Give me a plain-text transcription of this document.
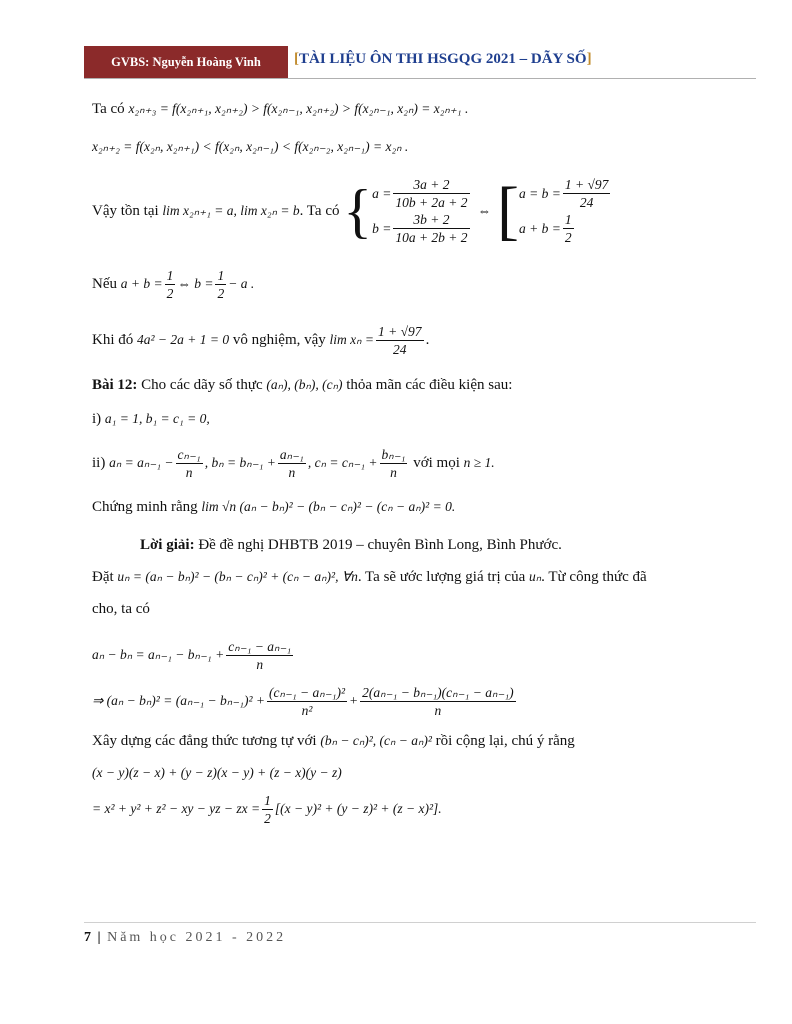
GVBS: Nguyễn Hoàng Vinh	[TÀI LIỆU ÔN THI HSGQG 2021 – DÃY SỐ]
Ta có x₂ₙ₊₃ = f(x₂ₙ₊₁, x₂ₙ₊₂) > f(x₂ₙ₋₁, x₂ₙ₊₂) > f(x₂ₙ₋₁, x₂ₙ) = x₂ₙ₊₁ .
x₂ₙ₊₂ = f(x₂ₙ, x₂ₙ₊₁) < f(x₂ₙ, x₂ₙ₋₁) < f(x₂ₙ₋₂, x₂ₙ₋₁) = x₂ₙ .
Vậy tồn tại
lim x₂ₙ₊₁ = a, lim x₂ₙ = b . Ta có
{ $a = \frac{3a + 2}{10b + 2a + 2}$
$b = \frac{3b + 2}{10a + 2b + 2}$
⇔ [ $a = b = \frac{1 + √97}{24}$
$a + b = \frac{1}{2}$
Nếu
$a + b = \frac{1}{2}$ ⇔ $b = \frac{1}{2} - a$ .
Khi đó
4a² − 2a + 1 = 0
vô nghiệm, vậy
$\lim x_n = \frac{1 + √97}{24}$ .
Bài 12: Cho các dãy số thực (aₙ), (bₙ), (cₙ) thỏa mãn các điều kiện sau:
i) a₁ = 1, b₁ = c₁ = 0,
ii)
$a_n = a_{n-1} - \frac{\text{cₙ₋₁}}{n}$ , $b_n = b_{n-1} + \frac{\text{aₙ₋₁}}{n}$ , $c_n = c_{n-1} + \frac{\text{bₙ₋₁}}{n}$
với mọi
n ≥ 1.
Chứng minh rằng lim √n (aₙ − bₙ)² − (bₙ − cₙ)² − (cₙ − aₙ)² = 0.
Lời giải: Đề đề nghị DHBTB 2019 – chuyên Bình Long, Bình Phước.
Đặt uₙ = (aₙ − bₙ)² − (bₙ − cₙ)² + (cₙ − aₙ)², ∀n. Ta sẽ ước lượng giá trị của uₙ. Từ công thức đã
cho, ta có
$a_n - b_n = a_{n-1} - b_{n-1} + \frac{\text{cₙ₋₁ − aₙ₋₁}}{n}$
⇒ $(a_n - b_n)^2 = (a_{n-1} - b_{n-1})^2 + \frac{\text{(cₙ₋₁ − aₙ₋₁)²}}{\text{n²}} + \frac{\text{2(aₙ₋₁ − bₙ₋₁)(cₙ₋₁ − aₙ₋₁)}}{n}$
Xây dựng các đẳng thức tương tự với (bₙ − cₙ)², (cₙ − aₙ)² rồi cộng lại, chú ý rằng
(x − y)(z − x) + (y − z)(x − y) + (z − x)(y − z)
= x² + y² + z² − xy − yz − zx = $\frac{1}{2} [(x - y)^2 + (y - z)^2 + (z - x)^2]$.
7 | Năm học 2021 - 2022
